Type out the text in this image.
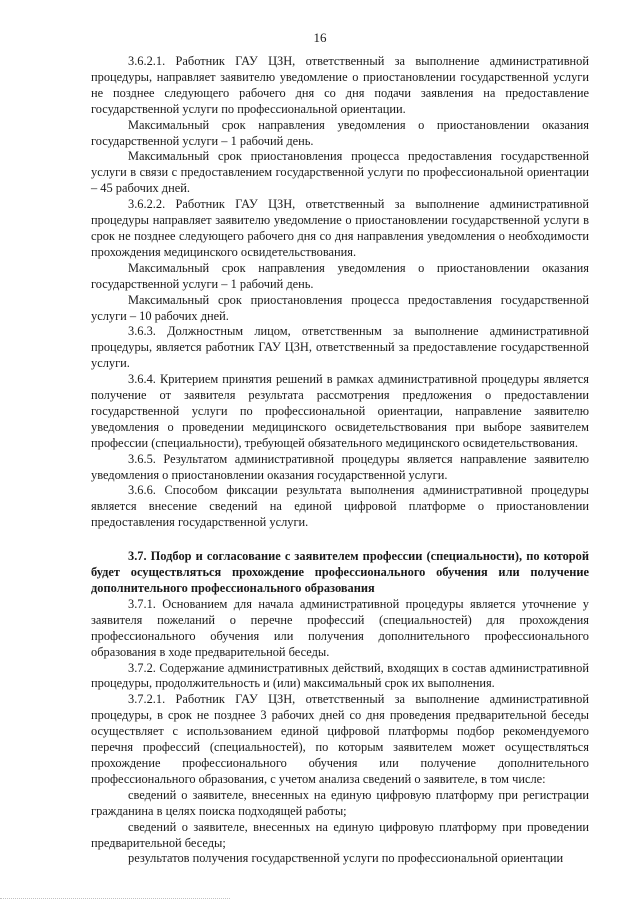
16

3.6.2.1. Работник ГАУ ЦЗН, ответственный за выполнение административной процедуры, направляет заявителю уведомление о приостановлении государственной услуги не позднее следующего рабочего дня со дня подачи заявления на предоставление государственной услуги по профессиональной ориентации.

Максимальный срок направления уведомления о приостановлении оказания государственной услуги – 1 рабочий день.

Максимальный срок приостановления процесса предоставления государственной услуги в связи с предоставлением государственной услуги по профессиональной ориентации – 45 рабочих дней.

3.6.2.2. Работник ГАУ ЦЗН, ответственный за выполнение административной процедуры направляет заявителю уведомление о приостановлении государственной услуги в срок не позднее следующего рабочего дня со дня направления уведомления о необходимости прохождения медицинского освидетельствования.

Максимальный срок направления уведомления о приостановлении оказания государственной услуги – 1 рабочий день.

Максимальный срок приостановления процесса предоставления государственной услуги – 10 рабочих дней.

3.6.3. Должностным лицом, ответственным за выполнение административной процедуры, является работник ГАУ ЦЗН, ответственный за предоставление государственной услуги.

3.6.4. Критерием принятия решений в рамках административной процедуры является получение от заявителя результата рассмотрения предложения о предоставлении государственной услуги по профессиональной ориентации, направление заявителю уведомления о проведении медицинского освидетельствования при выборе заявителем профессии (специальности), требующей обязательного медицинского освидетельствования.

3.6.5. Результатом административной процедуры является направление заявителю уведомления о приостановлении оказания государственной услуги.

3.6.6. Способом фиксации результата выполнения административной процедуры является внесение сведений на единой цифровой платформе о приостановлении предоставления государственной услуги.

3.7. Подбор и согласование с заявителем профессии (специальности), по которой будет осуществляться прохождение профессионального обучения или получение дополнительного профессионального образования

3.7.1. Основанием для начала административной процедуры является уточнение у заявителя пожеланий о перечне профессий (специальностей) для прохождения профессионального обучения или получения дополнительного профессионального образования в ходе предварительной беседы.

3.7.2. Содержание административных действий, входящих в состав административной процедуры, продолжительность и (или) максимальный срок их выполнения.

3.7.2.1. Работник ГАУ ЦЗН, ответственный за выполнение административной процедуры, в срок не позднее 3 рабочих дней со дня проведения предварительной беседы осуществляет с использованием единой цифровой платформы подбор рекомендуемого перечня профессий (специальностей), по которым заявителем может осуществляться прохождение профессионального обучения или получение дополнительного профессионального образования, с учетом анализа сведений о заявителе, в том числе:

сведений о заявителе, внесенных на единую цифровую платформу при регистрации гражданина в целях поиска подходящей работы;

сведений о заявителе, внесенных на единую цифровую платформу при проведении предварительной беседы;

результатов получения государственной услуги по профессиональной ориентации
